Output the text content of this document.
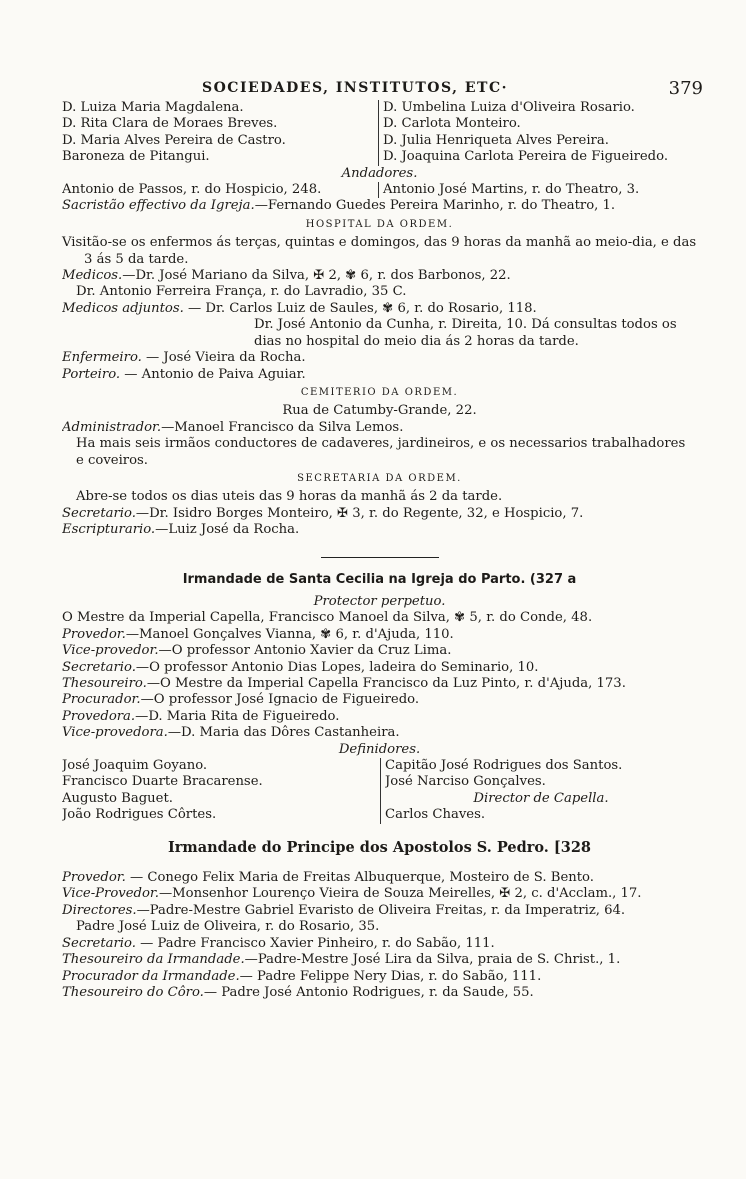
SOCIEDADES, INSTITUTOS, ETC·	379
D. Luiza Maria Magdalena.
D. Rita Clara de Moraes Breves.
D. Maria Alves Pereira de Castro.
Baroneza de Pitangui.
D. Umbelina Luiza d'Oliveira Rosario.
D. Carlota Monteiro.
D. Julia Henriqueta Alves Pereira.
D. Joaquina Carlota Pereira de Figueiredo.
Andadores.
Antonio de Passos, r. do Hospicio, 248.	Antonio José Martins, r. do Theatro, 3.
Sacristão effectivo da Igreja.—Fernando Guedes Pereira Marinho, r. do Theatro, 1.
HOSPITAL DA ORDEM.
Visitão-se os enfermos ás terças, quintas e domingos, das 9 horas da manhã ao meio-dia, e das 3 ás 5 da tarde.
Medicos.—Dr. José Mariano da Silva, ✠ 2, ✾ 6, r. dos Barbonos, 22.
Dr. Antonio Ferreira França, r. do Lavradio, 35 C.
Medicos adjuntos. — Dr. Carlos Luiz de Saules, ✾ 6, r. do Rosario, 118.
Dr. José Antonio da Cunha, r. Direita, 10. Dá consultas todos os dias no hospital do meio dia ás 2 horas da tarde.
Enfermeiro. — José Vieira da Rocha.
Porteiro. — Antonio de Paiva Aguiar.
CEMITERIO DA ORDEM.
Rua de Catumby-Grande, 22.
Administrador.—Manoel Francisco da Silva Lemos.
Ha mais seis irmãos conductores de cadaveres, jardineiros, e os necessarios trabalhadores e coveiros.
SECRETARIA DA ORDEM.
Abre-se todos os dias uteis das 9 horas da manhã ás 2 da tarde.
Secretario.—Dr. Isidro Borges Monteiro, ✠ 3, r. do Regente, 32, e Hospicio, 7.
Escripturario.—Luiz José da Rocha.
Irmandade de Santa Cecilia na Igreja do Parto. (327 a
Protector perpetuo.
O Mestre da Imperial Capella, Francisco Manoel da Silva, ✾ 5, r. do Conde, 48.
Provedor.—Manoel Gonçalves Vianna, ✾ 6, r. d'Ajuda, 110.
Vice-provedor.—O professor Antonio Xavier da Cruz Lima.
Secretario.—O professor Antonio Dias Lopes, ladeira do Seminario, 10.
Thesoureiro.—O Mestre da Imperial Capella Francisco da Luz Pinto, r. d'Ajuda, 173.
Procurador.—O professor José Ignacio de Figueiredo.
Provedora.—D. Maria Rita de Figueiredo.
Vice-provedora.—D. Maria das Dôres Castanheira.
Definidores.
José Joaquim Goyano.
Francisco Duarte Bracarense.
Augusto Baguet.
João Rodrigues Côrtes.
Capitão José Rodrigues dos Santos.
José Narciso Gonçalves.
Director de Capella.
Carlos Chaves.
Irmandade do Principe dos Apostolos S. Pedro. [328
Provedor. — Conego Felix Maria de Freitas Albuquerque, Mosteiro de S. Bento.
Vice-Provedor.—Monsenhor Lourenço Vieira de Souza Meirelles, ✠ 2, c. d'Acclam., 17.
Directores.—Padre-Mestre Gabriel Evaristo de Oliveira Freitas, r. da Imperatriz, 64.
Padre José Luiz de Oliveira, r. do Rosario, 35.
Secretario. — Padre Francisco Xavier Pinheiro, r. do Sabão, 111.
Thesoureiro da Irmandade.—Padre-Mestre José Lira da Silva, praia de S. Christ., 1.
Procurador da Irmandade.— Padre Felippe Nery Dias, r. do Sabão, 111.
Thesoureiro do Côro.— Padre José Antonio Rodrigues, r. da Saude, 55.
